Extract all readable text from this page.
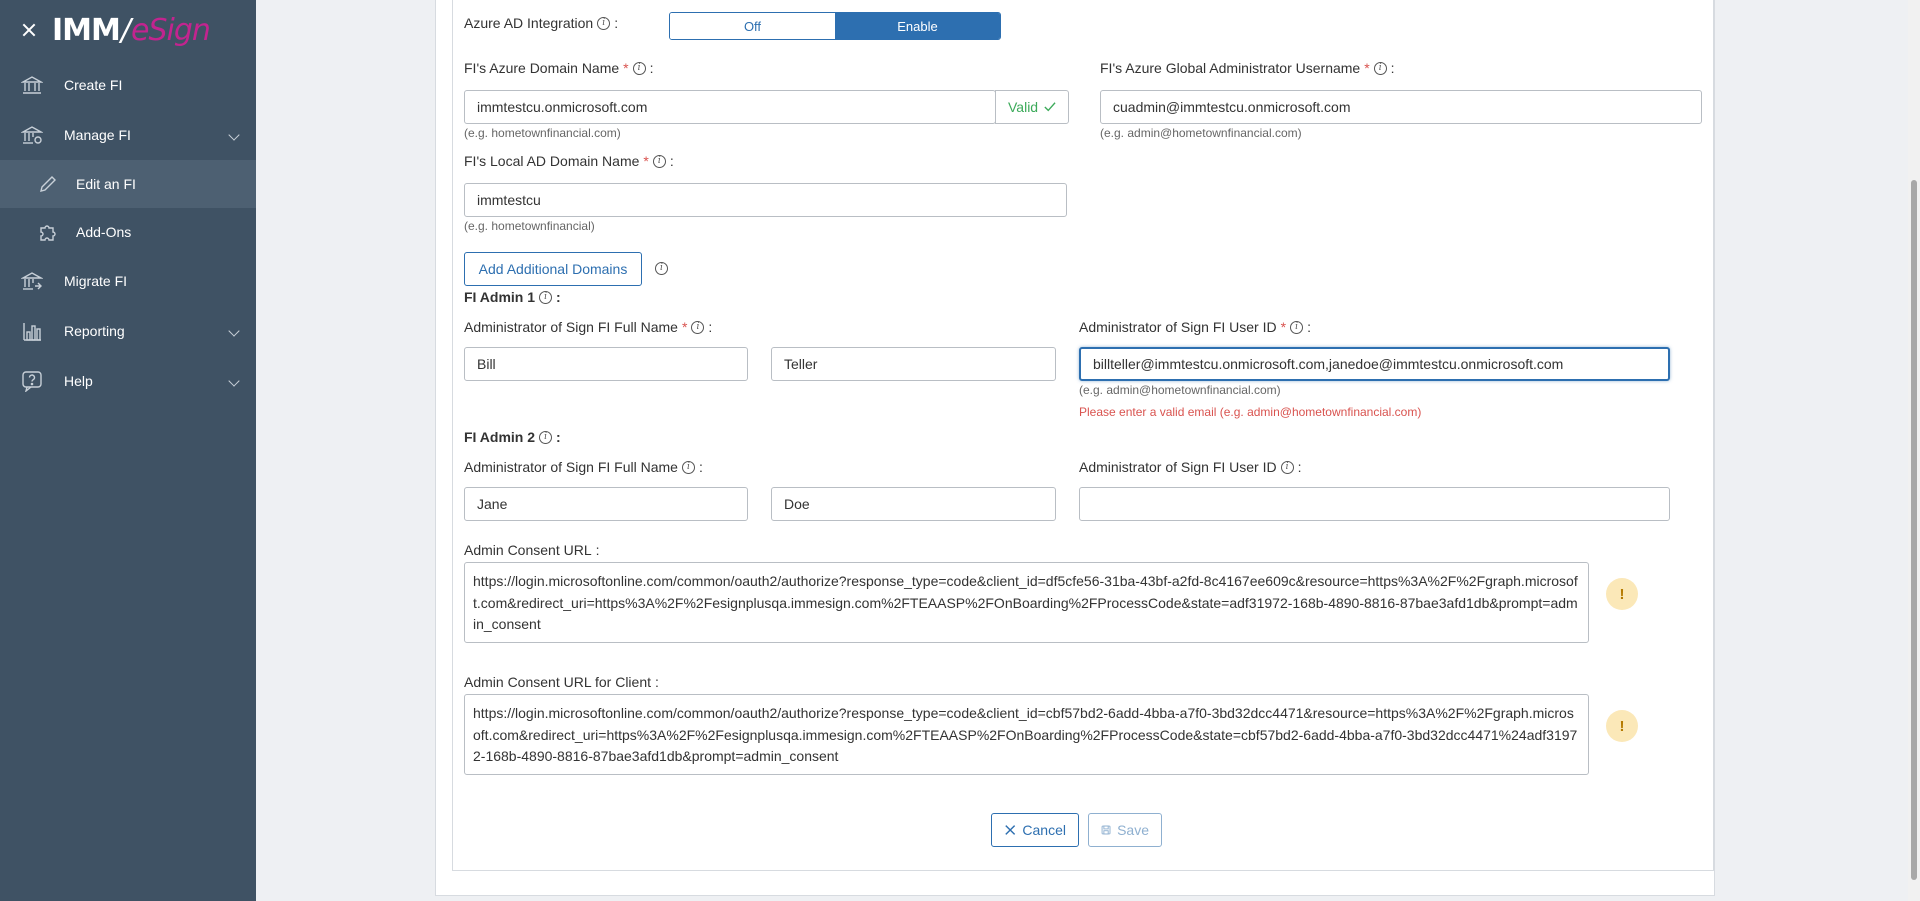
IMM / eSign
Create FI
Manage FI
Edit an FI
Add-Ons
Migrate FI
Reporting
Help
Azure AD Integration	i :	Off	Enable
FI's Azure Domain Name *	i :
immtestcu.onmicrosoft.com	Valid
(e.g. hometownfinancial.com)
FI's Azure Global Administrator Username *	i :
cuadmin@immtestcu.onmicrosoft.com
(e.g. admin@hometownfinancial.com)
FI's Local AD Domain Name *	i :
immtestcu
(e.g. hometownfinancial)
Add Additional Domains	i
FI Admin 1	i :
Administrator of Sign FI Full Name *	i :
Bill	Teller
Administrator of Sign FI User ID *	i :
billteller@immtestcu.onmicrosoft.com,janedoe@immtestcu.onmicrosoft.com
(e.g. admin@hometownfinancial.com)
Please enter a valid email (e.g. admin@hometownfinancial.com)
FI Admin 2	i :
Administrator of Sign FI Full Name	i :
Jane	Doe
Administrator of Sign FI User ID	i :
Admin Consent URL :
https://login.microsoftonline.com/common/oauth2/authorize?response_type=code&client_id=df5cfe56-31ba-43bf-a2fd-8c4167ee609c&resource=https%3A%2F%2Fgraph.microsoft.com&redirect_uri=https%3A%2F%2Fesignplusqa.immesign.com%2FTEAASP%2FOnBoarding%2FProcessCode&state=adf31972-168b-4890-8816-87bae3afd1db&prompt=admin_consent
!
Admin Consent URL for Client :
https://login.microsoftonline.com/common/oauth2/authorize?response_type=code&client_id=cbf57bd2-6add-4bba-a7f0-3bd32dcc4471&resource=https%3A%2F%2Fgraph.microsoft.com&redirect_uri=https%3A%2F%2Fesignplusqa.immesign.com%2FTEAASP%2FOnBoarding%2FProcessCode&state=cbf57bd2-6add-4bba-a7f0-3bd32dcc4471%24adf31972-168b-4890-8816-87bae3afd1db&prompt=admin_consent
!
Cancel	Save
